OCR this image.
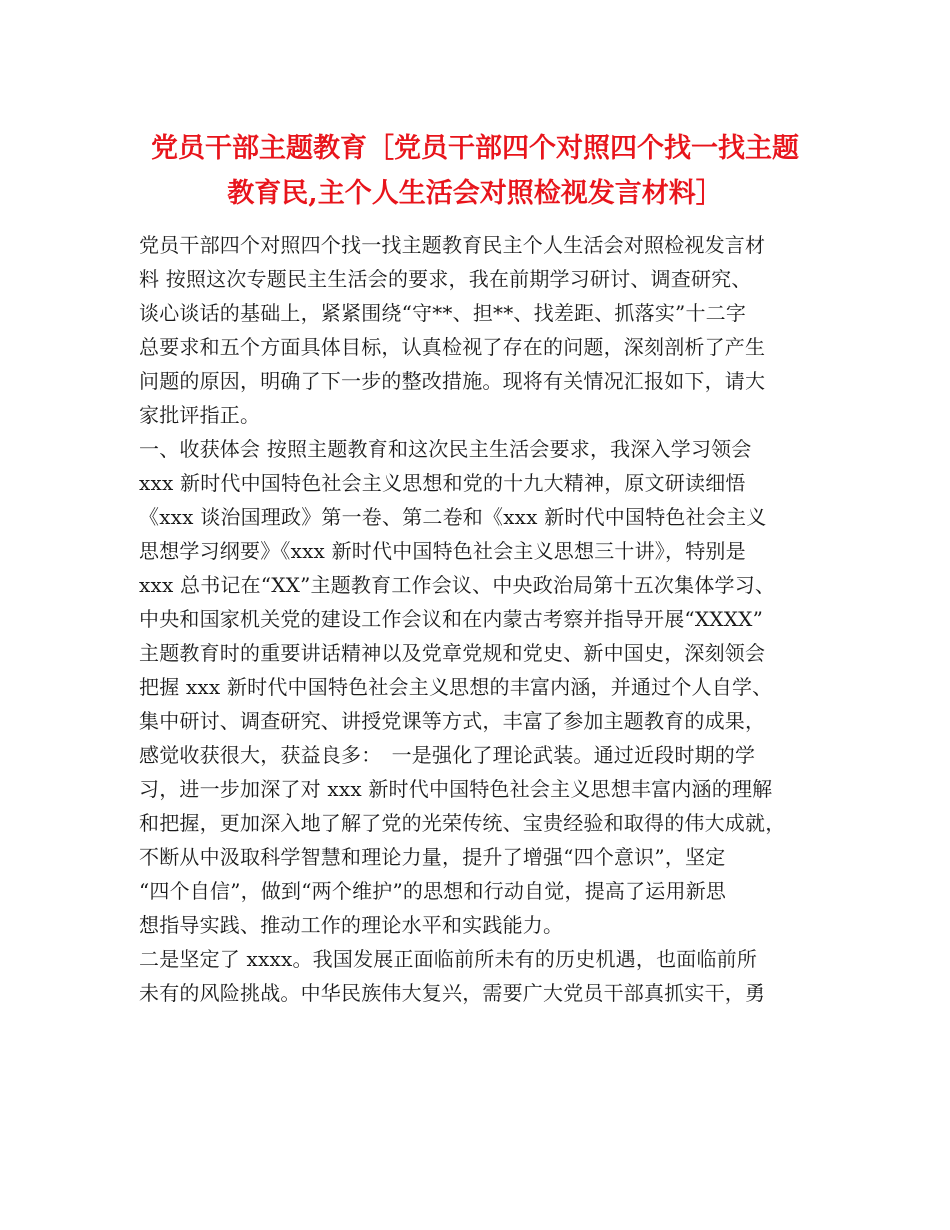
党员干部主题教育［党员干部四个对照四个找一找主题
教育民,主个人生活会对照检视发言材料］
党员干部四个对照四个找一找主题教育民主个人生活会对照检视发言材
料 按照这次专题民主生活会的要求，我在前期学习研讨、调查研究、
谈心谈话的基础上，紧紧围绕“守**、担**、找差距、抓落实”十二字
总要求和五个方面具体目标，认真检视了存在的问题，深刻剖析了产生
问题的原因，明确了下一步的整改措施。现将有关情况汇报如下，请大
家批评指正。
一、收获体会 按照主题教育和这次民主生活会要求，我深入学习领会
xxx 新时代中国特色社会主义思想和党的十九大精神，原文研读细悟
《xxx 谈治国理政》第一卷、第二卷和《xxx 新时代中国特色社会主义
思想学习纲要》《xxx 新时代中国特色社会主义思想三十讲》，特别是
xxx 总书记在“XX”主题教育工作会议、中央政治局第十五次集体学习、
中央和国家机关党的建设工作会议和在内蒙古考察并指导开展“XXXX”
主题教育时的重要讲话精神以及党章党规和党史、新中国史，深刻领会
把握 xxx 新时代中国特色社会主义思想的丰富内涵，并通过个人自学、
集中研讨、调查研究、讲授党课等方式，丰富了参加主题教育的成果，
感觉收获很大，获益良多：　一是强化了理论武装。通过近段时期的学
习，进一步加深了对 xxx 新时代中国特色社会主义思想丰富内涵的理解
和把握，更加深入地了解了党的光荣传统、宝贵经验和取得的伟大成就，
不断从中汲取科学智慧和理论力量，提升了增强“四个意识”，坚定
“四个自信”，做到“两个维护”的思想和行动自觉，提高了运用新思
想指导实践、推动工作的理论水平和实践能力。
二是坚定了 xxxx。我国发展正面临前所未有的历史机遇，也面临前所
未有的风险挑战。中华民族伟大复兴，需要广大党员干部真抓实干，勇
